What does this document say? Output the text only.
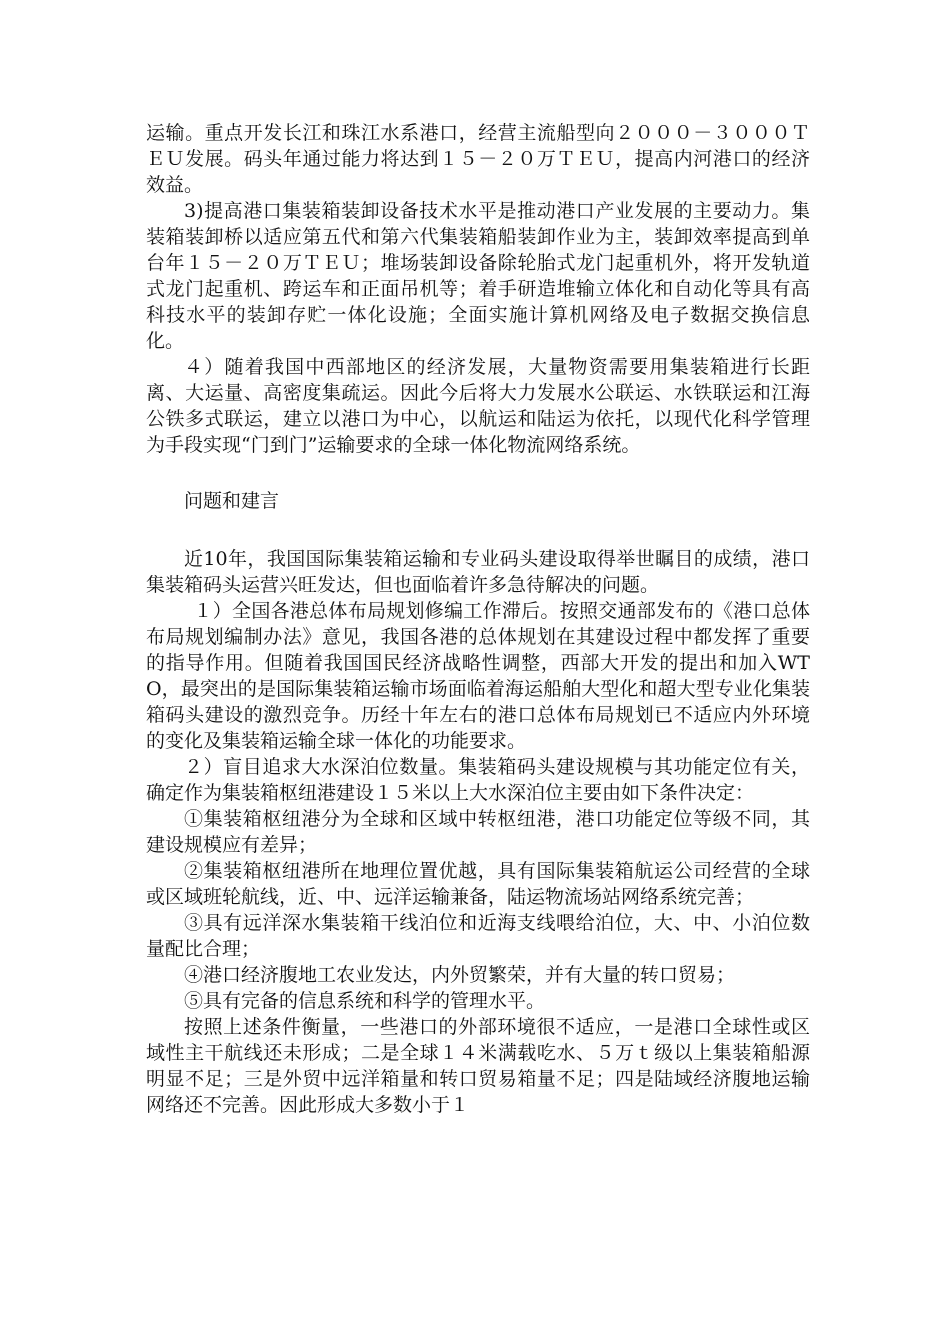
运输。重点开发长江和珠江水系港口，经营主流船型向２０００－３０００ＴＥＵ发展。码头年通过能力将达到１５－２０万ＴＥＵ，提高内河港口的经济效益。

3)提高港口集装箱装卸设备技术水平是推动港口产业发展的主要动力。集装箱装卸桥以适应第五代和第六代集装箱船装卸作业为主，装卸效率提高到单台年１５－２０万ＴＥＵ；堆场装卸设备除轮胎式龙门起重机外，将开发轨道式龙门起重机、跨运车和正面吊机等；着手研造堆输立体化和自动化等具有高科技水平的装卸存贮一体化设施；全面实施计算机网络及电子数据交换信息化。

４）随着我国中西部地区的经济发展，大量物资需要用集装箱进行长距离、大运量、高密度集疏运。因此今后将大力发展水公联运、水铁联运和江海公铁多式联运，建立以港口为中心，以航运和陆运为依托，以现代化科学管理为手段实现“门到门”运输要求的全球一体化物流网络系统。

问题和建言

近10年，我国国际集装箱运输和专业码头建设取得举世瞩目的成绩，港口集装箱码头运营兴旺发达，但也面临着许多急待解决的问题。

１）全国各港总体布局规划修编工作滞后。按照交通部发布的《港口总体布局规划编制办法》意见，我国各港的总体规划在其建设过程中都发挥了重要的指导作用。但随着我国国民经济战略性调整，西部大开发的提出和加入WTO，最突出的是国际集装箱运输市场面临着海运船舶大型化和超大型专业化集装箱码头建设的激烈竞争。历经十年左右的港口总体布局规划已不适应内外环境的变化及集装箱运输全球一体化的功能要求。

２）盲目追求大水深泊位数量。集装箱码头建设规模与其功能定位有关，确定作为集装箱枢纽港建设１５米以上大水深泊位主要由如下条件决定：

①集装箱枢纽港分为全球和区域中转枢纽港，港口功能定位等级不同，其建设规模应有差异；

②集装箱枢纽港所在地理位置优越，具有国际集装箱航运公司经营的全球或区域班轮航线，近、中、远洋运输兼备，陆运物流场站网络系统完善；

③具有远洋深水集装箱干线泊位和近海支线喂给泊位，大、中、小泊位数量配比合理；

④港口经济腹地工农业发达，内外贸繁荣，并有大量的转口贸易；

⑤具有完备的信息系统和科学的管理水平。

按照上述条件衡量，一些港口的外部环境很不适应，一是港口全球性或区域性主干航线还未形成；二是全球１４米满载吃水、５万ｔ级以上集装箱船源明显不足；三是外贸中远洋箱量和转口贸易箱量不足；四是陆域经济腹地运输网络还不完善。因此形成大多数小于１
